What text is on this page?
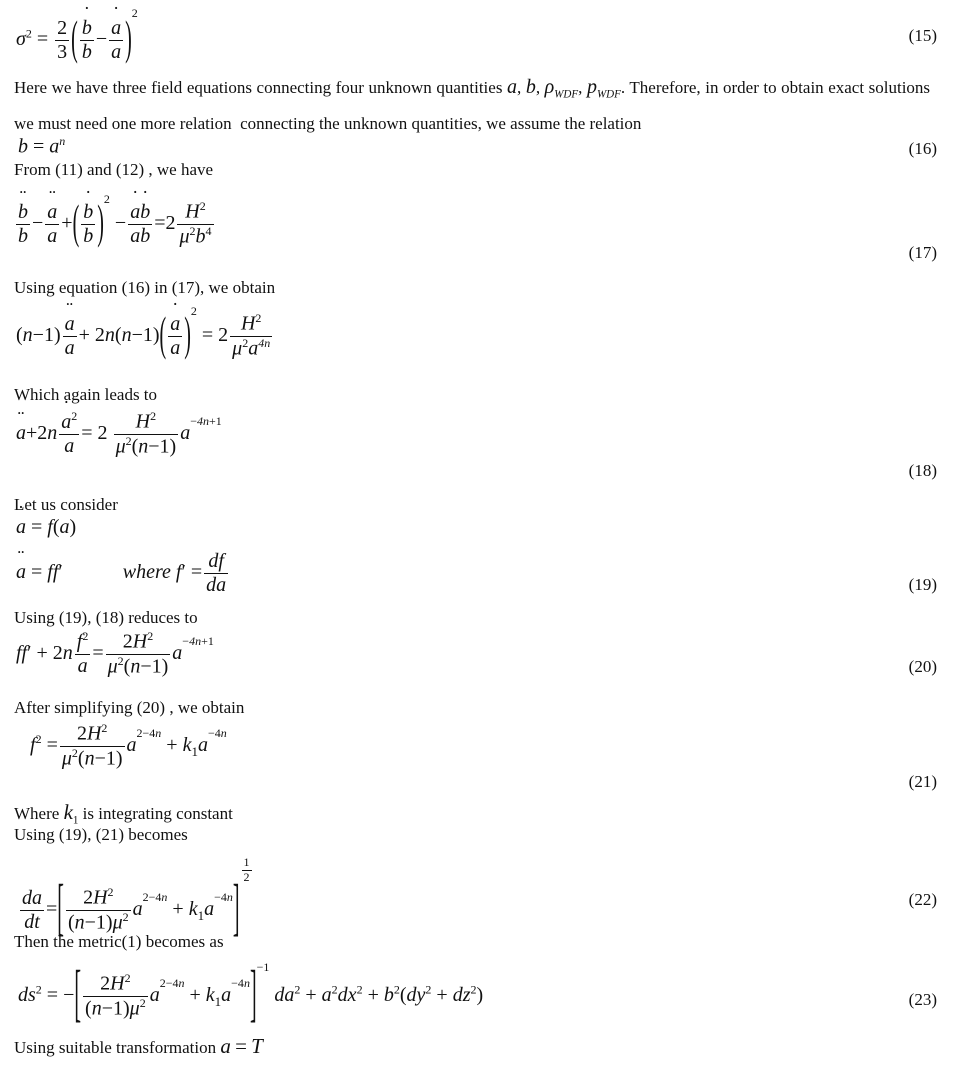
$\sigma^2 = \frac{2}{3}$ ( $\frac{b ˙}{b} - \frac{a ˙}{a} )^2$
(15)
Here we have three field equations connecting four unknown quantities a, b, $\rho_{WDF}$, $p_{WDF}$. Therefore, in order to obtain exact solutions we must need one more relation  connecting the unknown quantities, we assume the relation
$b = a^n$	(16)
From (11) and (12) , we have
$\frac{b ¨}{b} - \frac{a ¨}{a}$ +( $\frac{b ˙}{b} )^2 - \frac{a ˙b ˙}{ab} =2 \frac{H^2}{\mu^2b^4}$
(17)
Using equation (16) in (17), we obtain
$(n-1) \frac{a ¨}{a} + 2n(n-1)( \frac{a ˙}{a} )^2 = 2 \frac{H^2}{\mu^2a^{4n}}$
Which again leads to
a ¨+2n $\frac{a ˙^2}{a} = 2 \frac{H^2}{\mu^2(n-1)} a^{-4n+1}$
(18)
Let us consider
a ˙ = f(a)
a ¨ = ff′	where $f' = \frac{df}{da}$	(19)
Using (19), (18) reduces to
$ff' + 2n \frac{f^2}{a} = \frac{2H^2}{\mu^2(n-1)} a^{-4n+1}$
(20)
After simplifying (20) , we obtain
$f^2 = \frac{2H^2}{\mu^2(n-1)} a^{2-4n} + k_1a^{-4n}$
(21)
Where $k_1$ is integrating constant
Using (19), (21) becomes
$\frac{da}{dt}$ =[ $\frac{2H^2}{(n-1)\mu^2} a^{2-4n} + k_1a^{-4n}$]
$\frac{1}{2}$
(22)
Then the metric(1) becomes as
$ds^2$ = −[ $\frac{2H^2}{(n-1)\mu^2} a^{2-4n} + k_1a^{-4n}]^{-1}$ $da^2 + a^2dx^2 + b^2(dy^2 + dz^2)$	(23)
Using suitable transformation a = T
